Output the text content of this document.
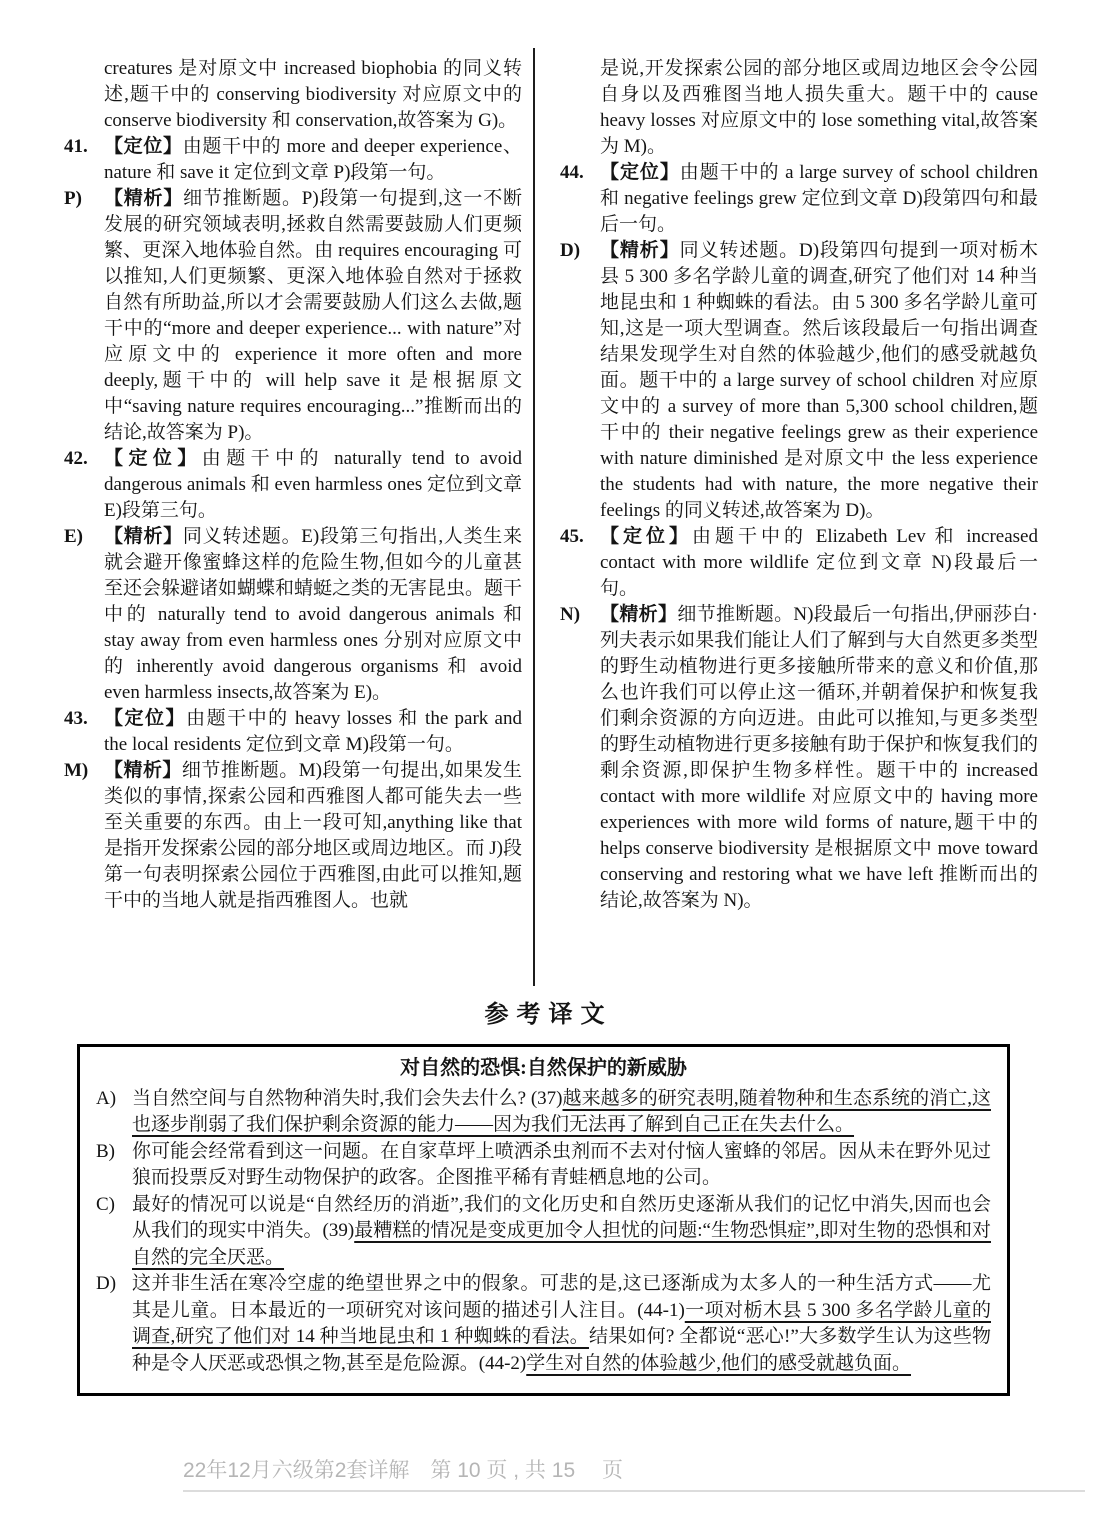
creatures 是对原文中 increased biophobia 的同义转述,题干中的 conserving biodiversity 对应原文中的 conserve biodiversity 和 conservation,故答案为 G)。
41. 【定位】由题干中的 more and deeper experience、nature 和 save it 定位到文章 P)段第一句。
P) 【精析】细节推断题。P)段第一句提到,这一不断发展的研究领域表明,拯救自然需要鼓励人们更频繁、更深入地体验自然。由 requires encouraging 可以推知,人们更频繁、更深入地体验自然对于拯救自然有所助益,所以才会需要鼓励人们这么去做,题干中的“more and deeper experience... with nature”对应原文中的 experience it more often and more deeply,题干中的 will help save it 是根据原文中“saving nature requires encouraging...”推断而出的结论,故答案为 P)。
42. 【定位】由题干中的 naturally tend to avoid dangerous animals 和 even harmless ones 定位到文章 E)段第三句。
E) 【精析】同义转述题。E)段第三句指出,人类生来就会避开像蜜蜂这样的危险生物,但如今的儿童甚至还会躲避诸如蝴蝶和蜻蜓之类的无害昆虫。题干中的 naturally tend to avoid dangerous animals 和 stay away from even harmless ones 分别对应原文中的 inherently avoid dangerous organisms 和 avoid even harmless insects,故答案为 E)。
43. 【定位】由题干中的 heavy losses 和 the park and the local residents 定位到文章 M)段第一句。
M) 【精析】细节推断题。M)段第一句提出,如果发生类似的事情,探索公园和西雅图人都可能失去一些至关重要的东西。由上一段可知,anything like that 是指开发探索公园的部分地区或周边地区。而 J)段第一句表明探索公园位于西雅图,由此可以推知,题干中的当地人就是指西雅图人。也就
是说,开发探索公园的部分地区或周边地区会令公园自身以及西雅图当地人损失重大。题干中的 cause heavy losses 对应原文中的 lose something vital,故答案为 M)。
44. 【定位】由题干中的 a large survey of school children 和 negative feelings grew 定位到文章 D)段第四句和最后一句。
D) 【精析】同义转述题。D)段第四句提到一项对栃木县 5 300 多名学龄儿童的调查,研究了他们对 14 种当地昆虫和 1 种蜘蛛的看法。由 5 300 多名学龄儿童可知,这是一项大型调查。然后该段最后一句指出调查结果发现学生对自然的体验越少,他们的感受就越负面。题干中的 a large survey of school children 对应原文中的 a survey of more than 5,300 school children,题干中的 their negative feelings grew as their experience with nature diminished 是对原文中 the less experience the students had with nature, the more negative their feelings 的同义转述,故答案为 D)。
45. 【定位】由题干中的 Elizabeth Lev 和 increased contact with more wildlife 定位到文章 N)段最后一句。
N) 【精析】细节推断题。N)段最后一句指出,伊丽莎白·列夫表示如果我们能让人们了解到与大自然更多类型的野生动植物进行更多接触所带来的意义和价值,那么也许我们可以停止这一循环,并朝着保护和恢复我们剩余资源的方向迈进。由此可以推知,与更多类型的野生动植物进行更多接触有助于保护和恢复我们的剩余资源,即保护生物多样性。题干中的 increased contact with more wildlife 对应原文中的 having more experiences with more wild forms of nature,题干中的 helps conserve biodiversity 是根据原文中 move toward conserving and restoring what we have left 推断而出的结论,故答案为 N)。
参考译文
对自然的恐惧:自然保护的新威胁
A) 当自然空间与自然物种消失时,我们会失去什么? (37)越来越多的研究表明,随着物种和生态系统的消亡,这也逐步削弱了我们保护剩余资源的能力——因为我们无法再了解到自己正在失去什么。
B) 你可能会经常看到这一问题。在自家草坪上喷洒杀虫剂而不去对付恼人蜜蜂的邻居。因从未在野外见过狼而投票反对野生动物保护的政客。企图推平稀有青蛙栖息地的公司。
C) 最好的情况可以说是“自然经历的消逝”,我们的文化历史和自然历史逐渐从我们的记忆中消失,因而也会从我们的现实中消失。(39)最糟糕的情况是变成更加令人担忧的问题:“生物恐惧症”,即对生物的恐惧和对自然的完全厌恶。
D) 这并非生活在寒冷空虚的绝望世界之中的假象。可悲的是,这已逐渐成为太多人的一种生活方式——尤其是儿童。日本最近的一项研究对该问题的描述引人注目。(44-1)一项对栃木县 5 300 多名学龄儿童的调查,研究了他们对 14 种当地昆虫和 1 种蜘蛛的看法。结果如何? 全都说“恶心!”大多数学生认为这些物种是令人厌恶或恐惧之物,甚至是危险源。(44-2)学生对自然的体验越少,他们的感受就越负面。
22年12月六级第2套详解　第 10 页 , 共 15 　页
